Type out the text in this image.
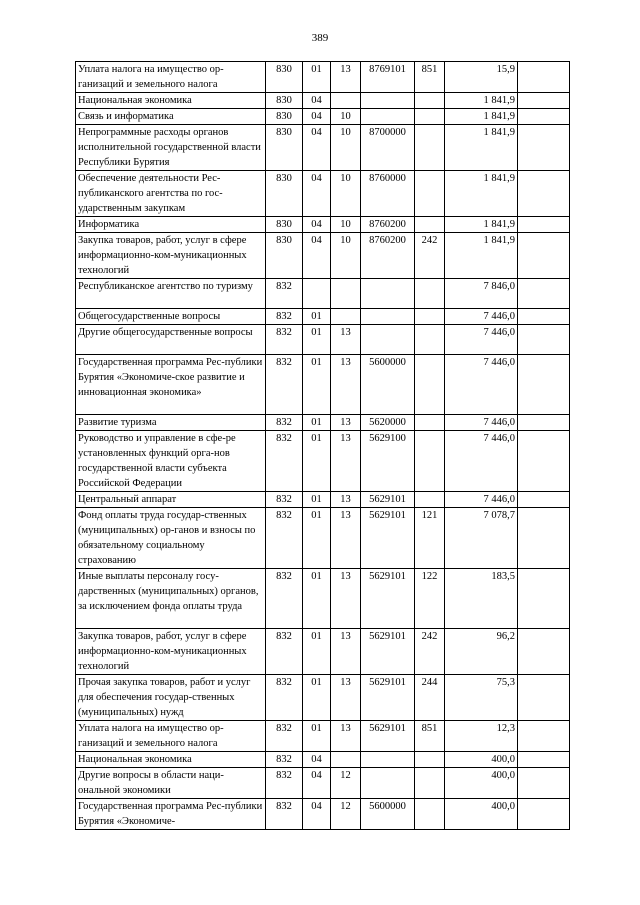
389
Уплата налога на имущество ор-ганизаций и земельного налога	830	01	13	8769101	851	15,9	
Национальная экономика	830	04				1 841,9	
Связь и информатика	830	04	10			1 841,9	
Непрограммные расходы органов исполнительной государственной власти Республики Бурятия	830	04	10	8700000		1 841,9	
Обеспечение деятельности Рес-публиканского агентства по гос-ударственным закупкам	830	04	10	8760000		1 841,9	
Информатика	830	04	10	8760200		1 841,9	
Закупка товаров, работ, услуг в сфере информационно-ком-муникационных технологий	830	04	10	8760200	242	1 841,9	
Республиканское агентство по туризму	832					7 846,0	
Общегосударственные вопросы	832	01				7 446,0	
Другие общегосударственные вопросы	832	01	13			7 446,0	
Государственная программа Рес-публики Бурятия «Экономиче-ское развитие и инновационная экономика»	832	01	13	5600000		7 446,0	
Развитие туризма	832	01	13	5620000		7 446,0	
Руководство и управление в сфе-ре установленных функций орга-нов государственной власти субъекта Российской Федерации	832	01	13	5629100		7 446,0	
Центральный аппарат	832	01	13	5629101		7 446,0	
Фонд оплаты труда государ-ственных (муниципальных) ор-ганов и взносы по обязательному социальному страхованию	832	01	13	5629101	121	7 078,7	
Иные выплаты персоналу госу-дарственных (муниципальных) органов, за исключением фонда оплаты труда	832	01	13	5629101	122	183,5	
Закупка товаров, работ, услуг в сфере информационно-ком-муникационных технологий	832	01	13	5629101	242	96,2	
Прочая закупка товаров, работ и услуг для обеспечения государ-ственных (муниципальных) нужд	832	01	13	5629101	244	75,3	
Уплата налога на имущество ор-ганизаций и земельного налога	832	01	13	5629101	851	12,3	
Национальная экономика	832	04				400,0	
Другие вопросы в области наци-ональной экономики	832	04	12			400,0	
Государственная программа Рес-публики Бурятия «Экономиче-	832	04	12	5600000		400,0	
